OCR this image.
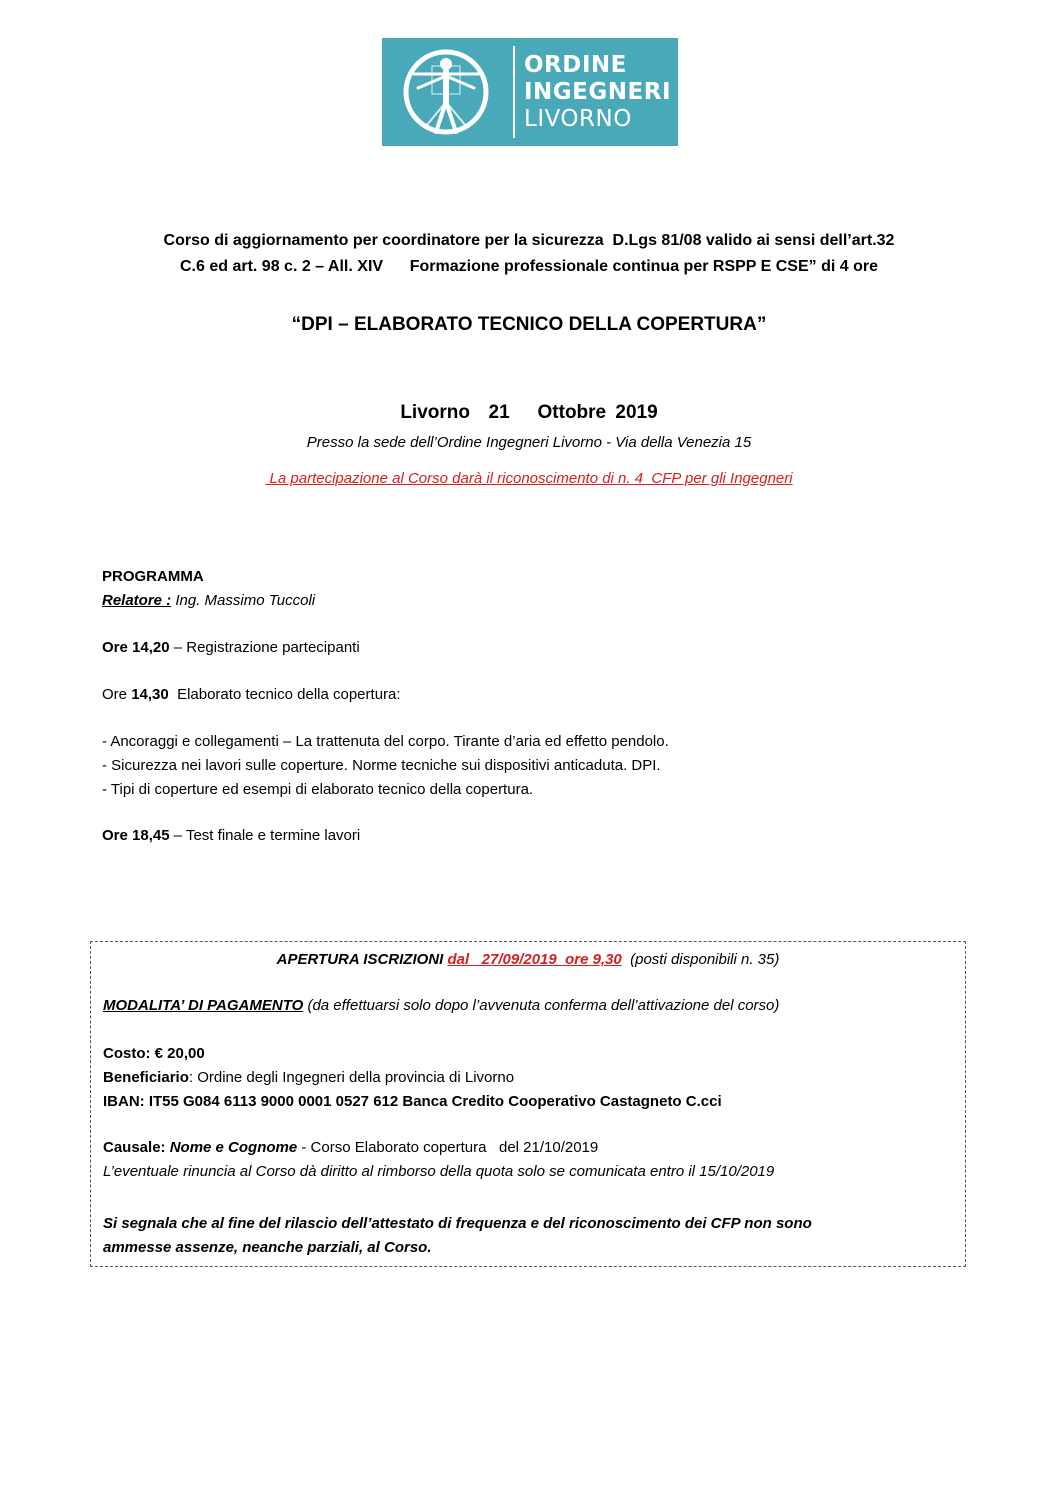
ORDINE
INGEGNERI
LIVORNO
Corso di aggiornamento per coordinatore per la sicurezza  D.Lgs 81/08 valido ai sensi dell’art.32
C.6 ed art. 98 c. 2 – All. XIV      Formazione professionale continua per RSPP E CSE” di 4 ore
“DPI – ELABORATO TECNICO DELLA COPERTURA”
Livorno  21   Ottobre 2019
Presso la sede dell’Ordine Ingegneri Livorno - Via della Venezia 15
La partecipazione al Corso darà il riconoscimento di n. 4  CFP per gli Ingegneri
PROGRAMMA
Relatore : Ing. Massimo Tuccoli
Ore 14,20 – Registrazione partecipanti
Ore 14,30  Elaborato tecnico della copertura:
- Ancoraggi e collegamenti – La trattenuta del corpo. Tirante d’aria ed effetto pendolo.
- Sicurezza nei lavori sulle coperture. Norme tecniche sui dispositivi anticaduta. DPI.
- Tipi di coperture ed esempi di elaborato tecnico della copertura.
Ore 18,45 – Test finale e termine lavori
APERTURA ISCRIZIONI dal   27/09/2019  ore 9,30  (posti disponibili n. 35)
MODALITA’ DI PAGAMENTO (da effettuarsi solo dopo l’avvenuta conferma dell’attivazione del corso)
Costo: € 20,00
Beneficiario: Ordine degli Ingegneri della provincia di Livorno
IBAN: IT55 G084 6113 9000 0001 0527 612 Banca Credito Cooperativo Castagneto C.cci
Causale: Nome e Cognome - Corso Elaborato copertura   del 21/10/2019
L’eventuale rinuncia al Corso dà diritto al rimborso della quota solo se comunicata entro il 15/10/2019
Si segnala che al fine del rilascio dell’attestato di frequenza e del riconoscimento dei CFP non sono
ammesse assenze, neanche parziali, al Corso.
